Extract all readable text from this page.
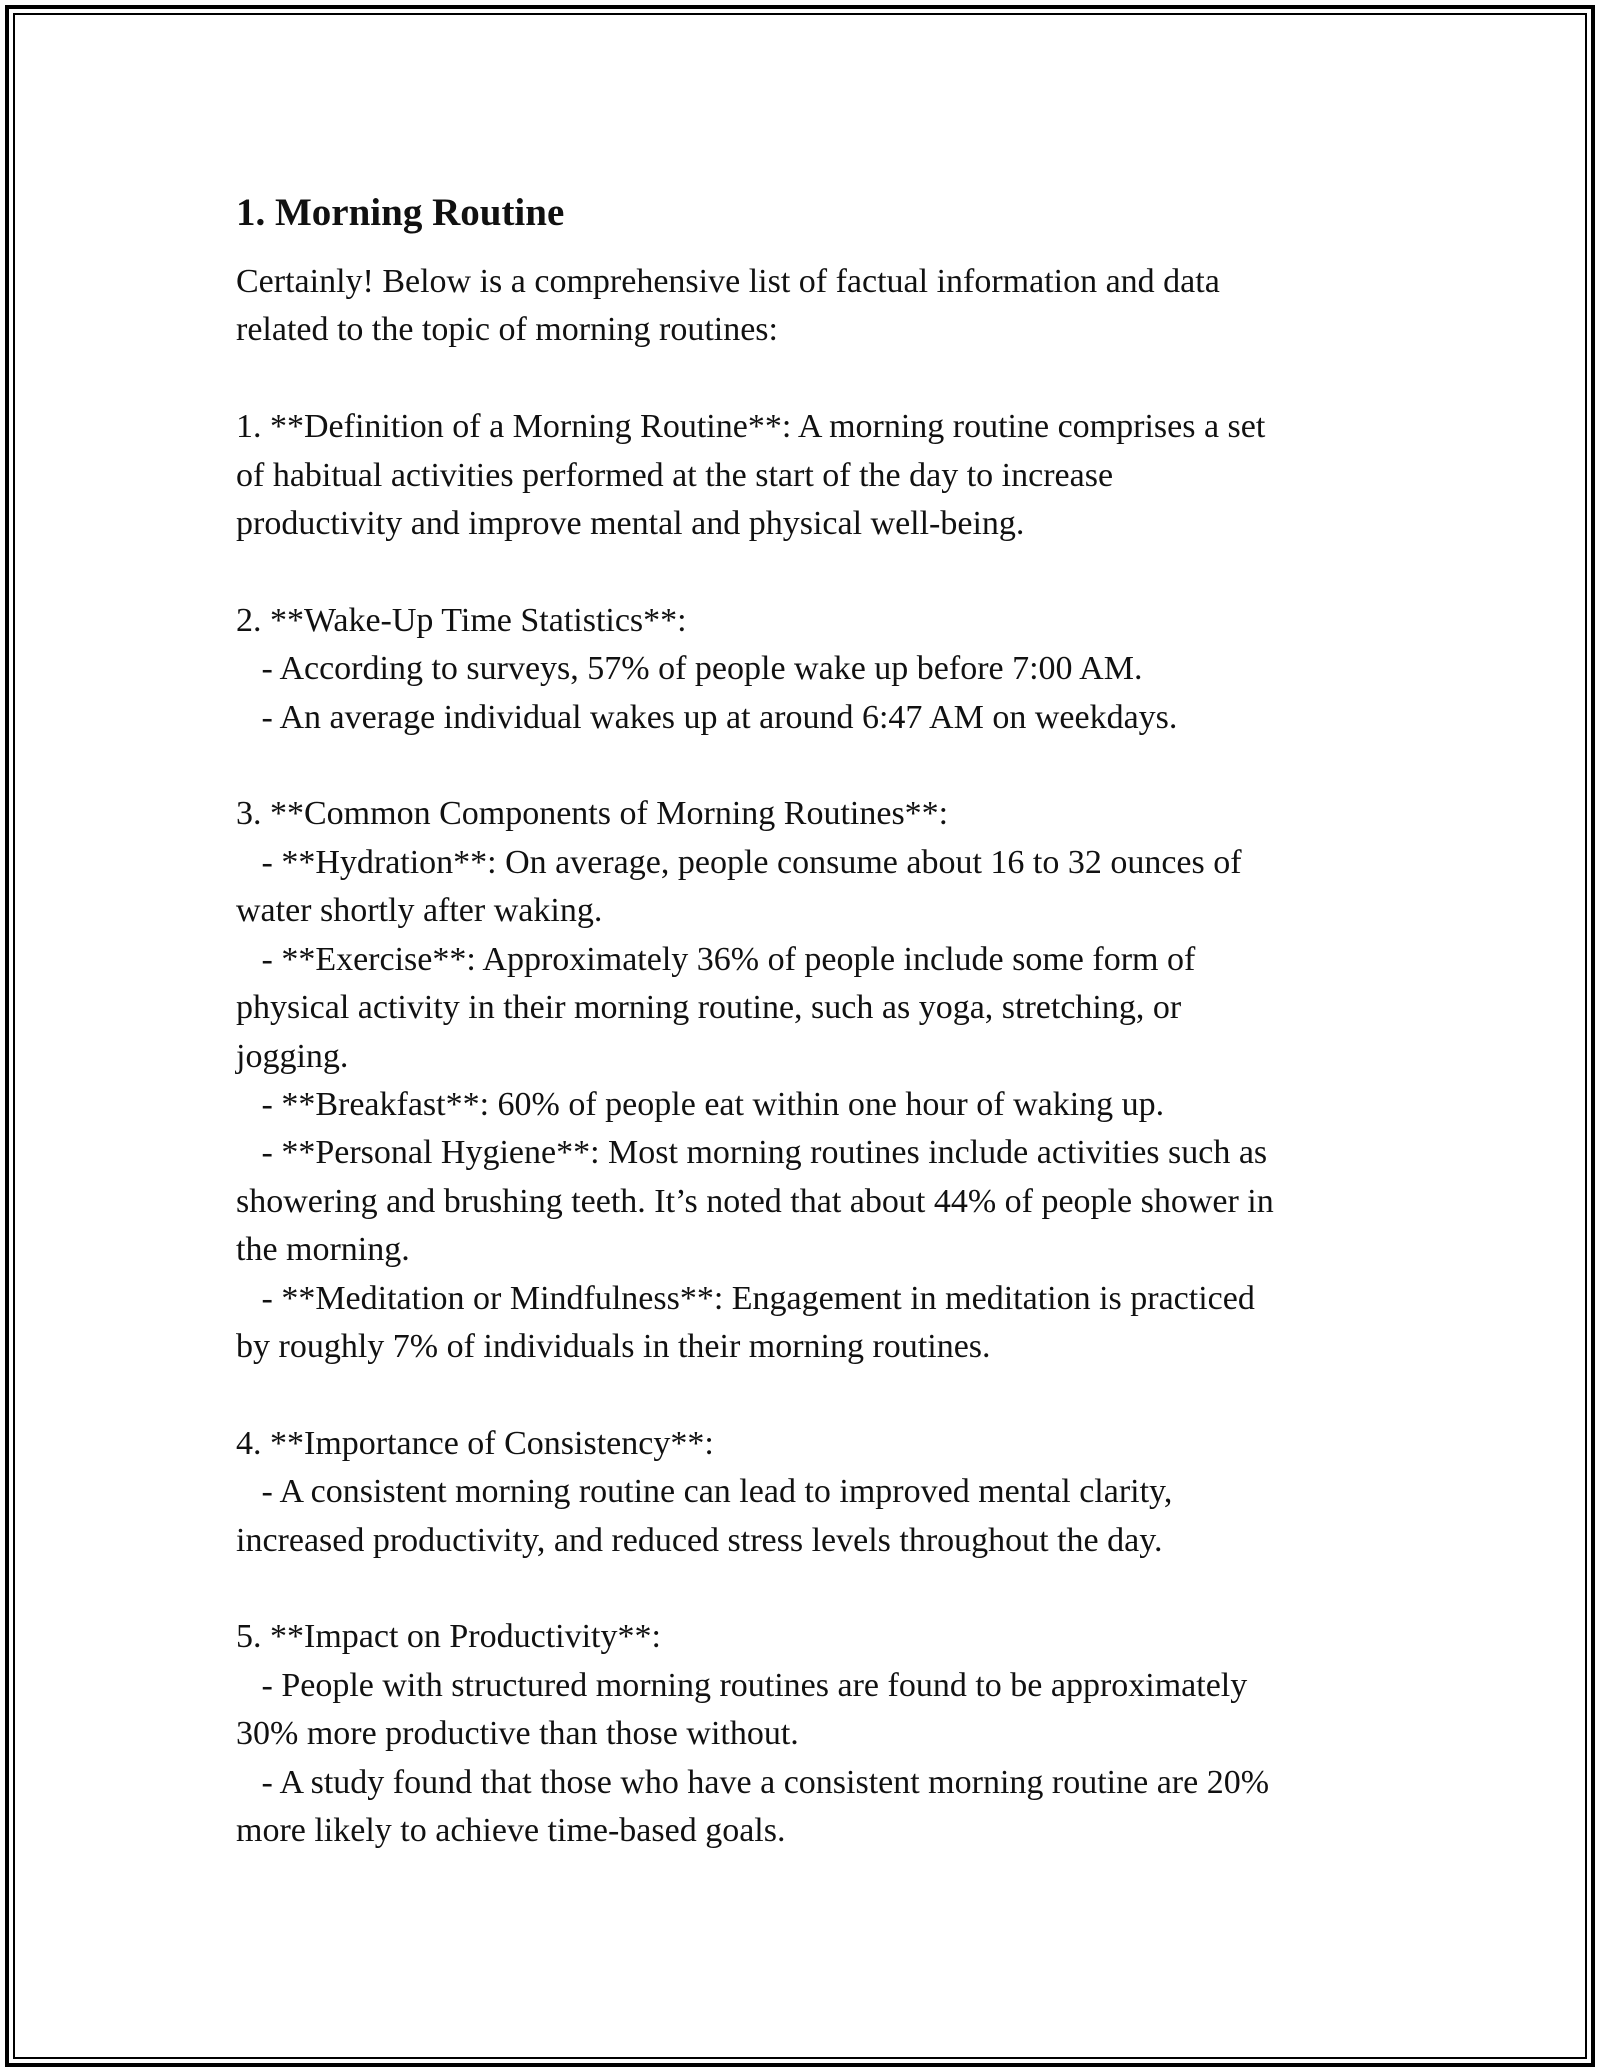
1. Morning Routine

Certainly! Below is a comprehensive list of factual information and data
related to the topic of morning routines:

1. **Definition of a Morning Routine**: A morning routine comprises a set
of habitual activities performed at the start of the day to increase
productivity and improve mental and physical well-being.

2. **Wake-Up Time Statistics**:
- According to surveys, 57% of people wake up before 7:00 AM.
- An average individual wakes up at around 6:47 AM on weekdays.

3. **Common Components of Morning Routines**:
- **Hydration**: On average, people consume about 16 to 32 ounces of
water shortly after waking.
- **Exercise**: Approximately 36% of people include some form of
physical activity in their morning routine, such as yoga, stretching, or
jogging.
- **Breakfast**: 60% of people eat within one hour of waking up.
- **Personal Hygiene**: Most morning routines include activities such as
showering and brushing teeth. It’s noted that about 44% of people shower in
the morning.
- **Meditation or Mindfulness**: Engagement in meditation is practiced
by roughly 7% of individuals in their morning routines.

4. **Importance of Consistency**:
- A consistent morning routine can lead to improved mental clarity,
increased productivity, and reduced stress levels throughout the day.

5. **Impact on Productivity**:
- People with structured morning routines are found to be approximately
30% more productive than those without.
- A study found that those who have a consistent morning routine are 20%
more likely to achieve time-based goals.
